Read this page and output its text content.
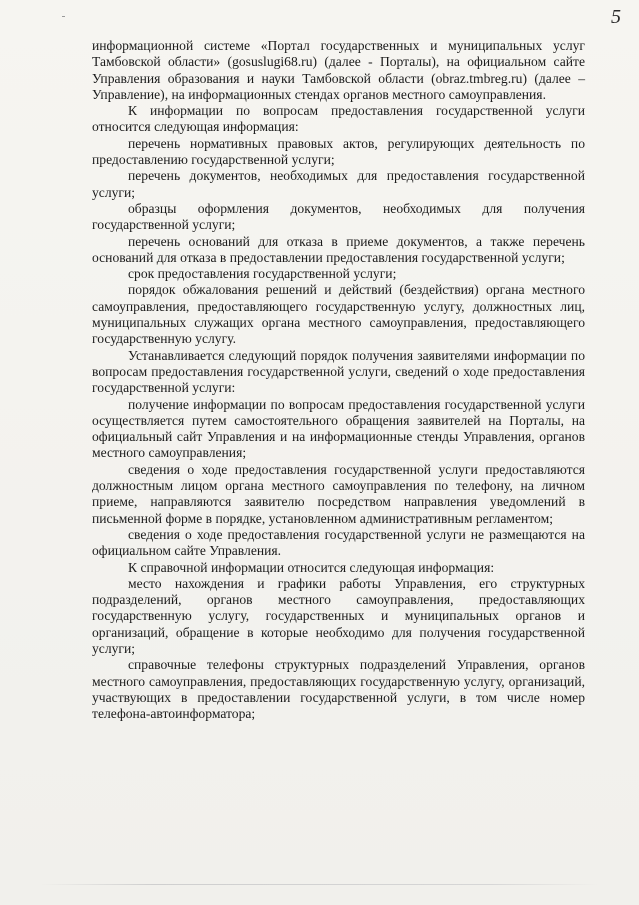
5

информационной системе «Портал государственных и муниципальных услуг Тамбовской области» (gosuslugi68.ru) (далее - Порталы), на официальном сайте Управления образования и науки Тамбовской области (obraz.tmbreg.ru) (далее – Управление), на информационных стендах органов местного самоуправления.

К информации по вопросам предоставления государственной услуги относится следующая информация:

перечень нормативных правовых актов, регулирующих деятельность по предоставлению государственной услуги;

перечень документов, необходимых для предоставления государственной услуги;

образцы оформления документов, необходимых для получения государственной услуги;

перечень оснований для отказа в приеме документов, а также перечень оснований для отказа в предоставлении предоставления государственной услуги;

срок предоставления государственной услуги;

порядок обжалования решений и действий (бездействия) органа местного самоуправления, предоставляющего государственную услугу, должностных лиц, муниципальных служащих органа местного самоуправления, предоставляющего государственную услугу.

Устанавливается следующий порядок получения заявителями информации по вопросам предоставления государственной услуги, сведений о ходе предоставления государственной услуги:

получение информации по вопросам предоставления государственной услуги осуществляется путем самостоятельного обращения заявителей на Порталы, на официальный сайт Управления и на информационные стенды Управления, органов местного самоуправления;

сведения о ходе предоставления государственной услуги предоставляются должностным лицом органа местного самоуправления по телефону, на личном приеме, направляются заявителю посредством направления уведомлений в письменной форме в порядке, установленном административным регламентом;

сведения о ходе предоставления государственной услуги не размещаются на официальном сайте Управления.

К справочной информации относится следующая информация:

место нахождения и графики работы Управления, его структурных подразделений, органов местного самоуправления, предоставляющих государственную услугу, государственных и муниципальных органов и организаций, обращение в которые необходимо для получения государственной услуги;

справочные телефоны структурных подразделений Управления, органов местного самоуправления, предоставляющих государственную услугу, организаций, участвующих в предоставлении государственной услуги, в том числе номер телефона-автоинформатора;
